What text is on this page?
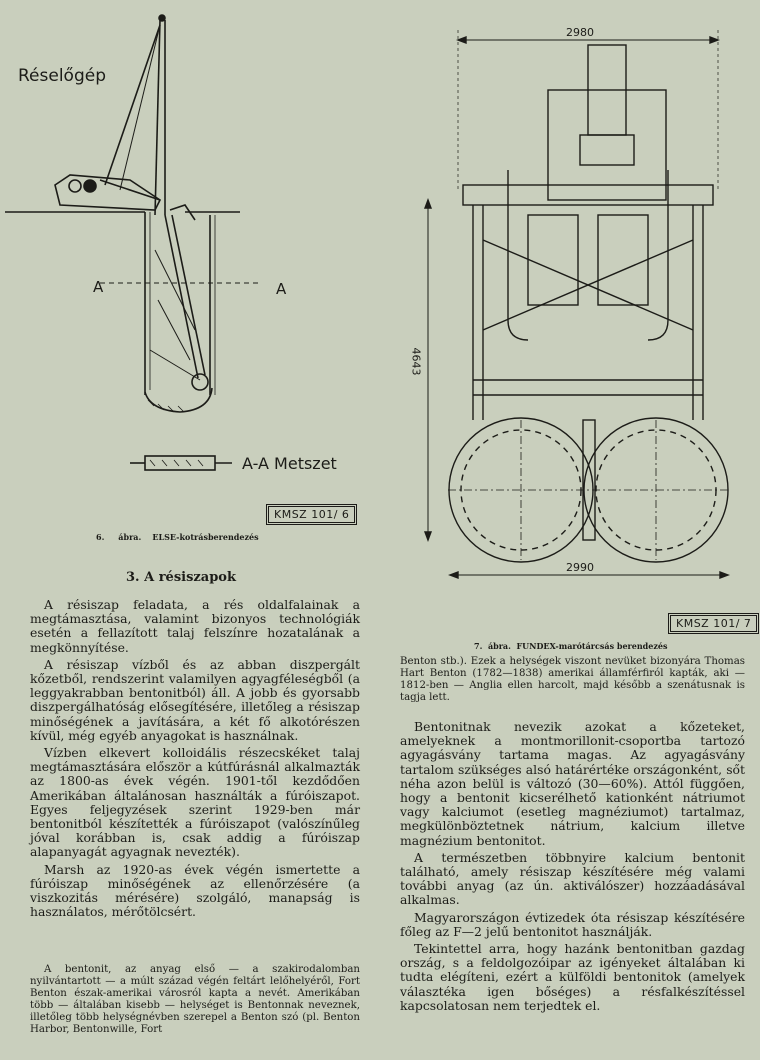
Réselőgép
A	A
A-A Metszet
KMSZ 101/ 6
6. ábra. ELSE-kotrásberendezés
2980
4643
2990
KMSZ 101/ 7
7. ábra. FUNDEX-marótárcsás berendezés
3. A résiszapok

A résiszap feladata, a rés oldalfalainak a megtámasztása, valamint bizonyos technológiák esetén a fellazított talaj felszínre hozatalának a megkönnyítése.

A résiszap vízből és az abban diszpergált kőzetből, rendszerint valamilyen agyagféleségből (a leggyakrabban bentonitból) áll. A jobb és gyorsabb diszpergálhatóság elősegítésére, illetőleg a résiszap minőségének a javítására, a két fő alkotórészen kívül, még egyéb anyagokat is használnak.

Vízben elkevert kolloidális részecskéket talaj megtámasztására először a kútfúrásnál alkalmazták az 1800-as évek végén. 1901-től kezdődően Amerikában általánosan használták a fúróiszapot. Egyes feljegyzések szerint 1929-ben már bentonitból készítették a fúróiszapot (valószínűleg jóval korábban is, csak addig a fúróiszap alapanyagát agyagnak nevezték).

Marsh az 1920-as évek végén ismertette a fúróiszap minőségének az ellenőrzésére (a viszkozitás mérésére) szolgáló, manapság is használatos, mérőtölcsért.

A bentonit, az anyag első — a szakirodalomban nyilvántartott — a múlt század végén feltárt lelőhelyéről, Fort Benton észak-amerikai városról kapta a nevét. Amerikában több — általában kisebb — helységet is Bentonnak neveznek, illetőleg több helységnévben szerepel a Benton szó (pl. Benton Harbor, Bentonwille, Fort

Benton stb.). Ezek a helységek viszont nevüket bizonyára Thomas Hart Benton (1782—1838) amerikai államférfiról kapták, aki — 1812-ben — Anglia ellen harcolt, majd később a szenátusnak is tagja lett.

Bentonitnak nevezik azokat a kőzeteket, amelyeknek a montmorillonit-csoportba tartozó agyagásvány tartama magas. Az agyagásvány tartalom szükséges alsó határértéke országonként, sőt néha azon belül is változó (30—60%). Attól függően, hogy a bentonit kicserélhető kationként nátriumot vagy kalciumot (esetleg magnéziumot) tartalmaz, megkülönböztetnek nátrium, kalcium illetve magnézium bentonitot.

A természetben többnyire kalcium bentonit található, amely résiszap készítésére még valami további anyag (az ún. aktiválószer) hozzáadásával alkalmas.

Magyarországon évtizedek óta résiszap készítésére főleg az F—2 jelű bentonitot használják.

Tekintettel arra, hogy hazánk bentonitban gazdag ország, s a feldolgozóipar az igényeket általában ki tudta elégíteni, ezért a külföldi bentonitok (amelyek választéka igen bőséges) a résfalkészítéssel kapcsolatosan nem terjedtek el.
